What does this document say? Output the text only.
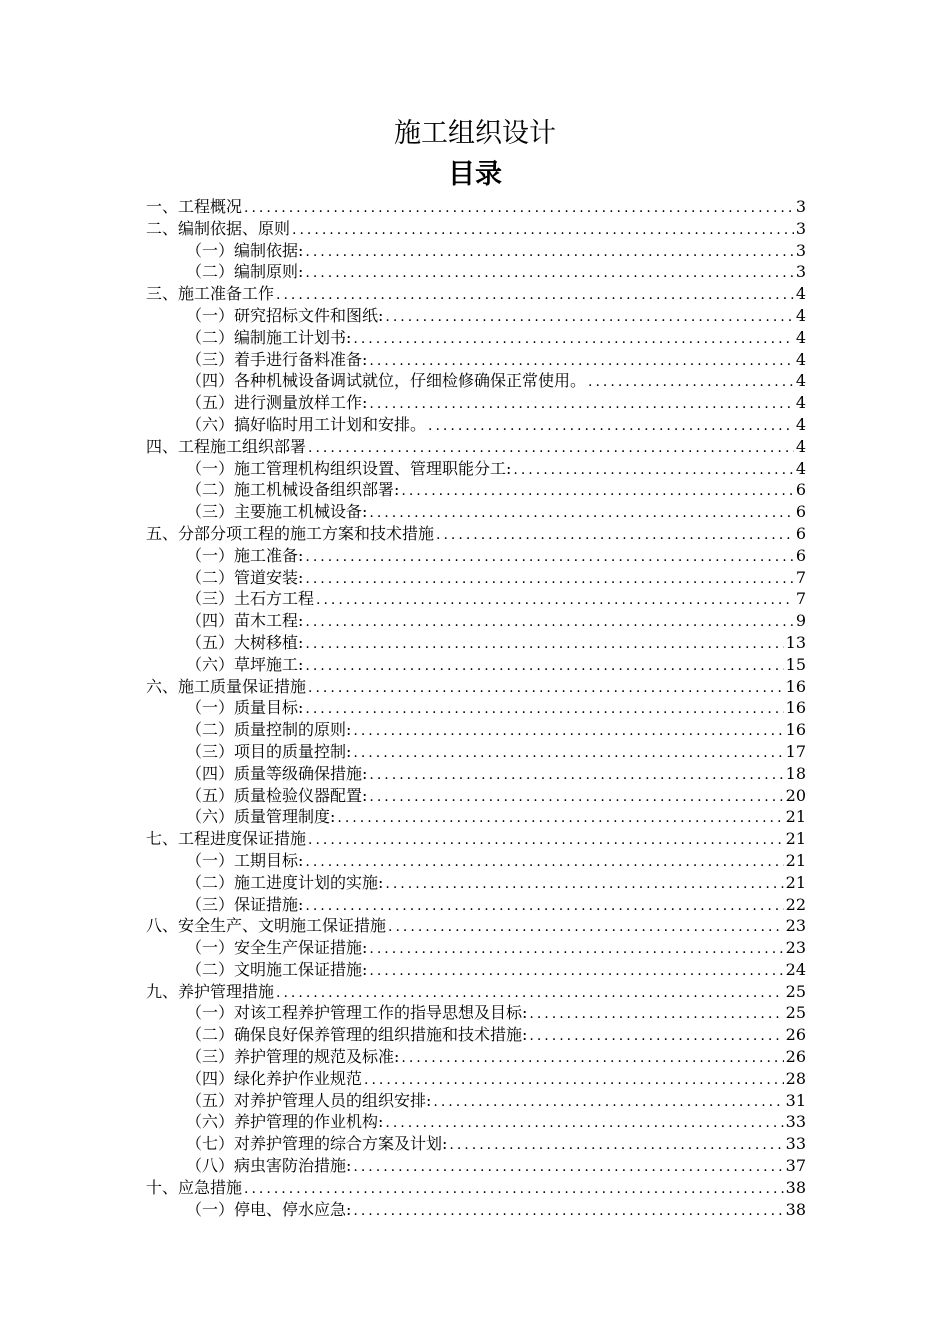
施工组织设计
目录
一、工程概况 .....	3
二、编制依据、原则 .....	3
（一）编制依据: .....	3
（二）编制原则: .....	3
三、施工准备工作 .....	4
（一）研究招标文件和图纸: .....	4
（二）编制施工计划书: .....	4
（三）着手进行备料准备: .....	4
（四）各种机械设备调试就位，仔细检修确保正常使用。 .....	4
（五）进行测量放样工作: .....	4
（六）搞好临时用工计划和安排。 .....	4
四、工程施工组织部署 .....	4
（一）施工管理机构组织设置、管理职能分工: .....	4
（二）施工机械设备组织部署: .....	6
（三）主要施工机械设备: .....	6
五、分部分项工程的施工方案和技术措施 .....	6
（一）施工准备: .....	6
（二）管道安装: .....	7
（三）土石方工程 .....	7
（四）苗木工程: .....	9
（五）大树移植: .....	13
（六）草坪施工: .....	15
六、施工质量保证措施 .....	16
（一）质量目标: .....	16
（二）质量控制的原则: .....	16
（三）项目的质量控制: .....	17
（四）质量等级确保措施: .....	18
（五）质量检验仪器配置: .....	20
（六）质量管理制度: .....	21
七、工程进度保证措施 .....	21
（一）工期目标: .....	21
（二）施工进度计划的实施: .....	21
（三）保证措施: .....	22
八、安全生产、文明施工保证措施 .....	23
（一）安全生产保证措施: .....	23
（二）文明施工保证措施: .....	24
九、养护管理措施 .....	25
（一）对该工程养护管理工作的指导思想及目标: .....	25
（二）确保良好保养管理的组织措施和技术措施: .....	26
（三）养护管理的规范及标准: .....	26
（四）绿化养护作业规范 .....	28
（五）对养护管理人员的组织安排: .....	31
（六）养护管理的作业机构: .....	33
（七）对养护管理的综合方案及计划: .....	33
（八）病虫害防治措施: .....	37
十、应急措施 .....	38
（一）停电、停水应急: .....	38
